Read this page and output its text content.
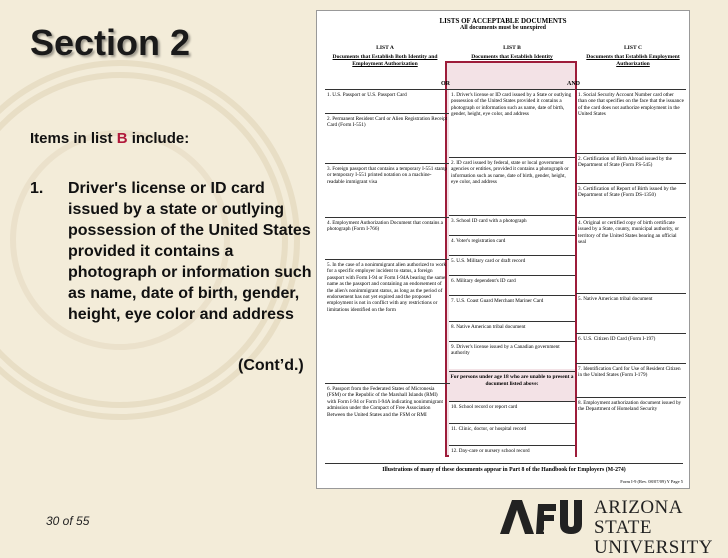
Section 2
Items in list B include:
1. Driver's license or ID card issued by a state or outlying possession of the United States provided it contains a photograph or information such as name, date of birth, gender, height, eye color and address
(Cont’d.)
LISTS OF ACCEPTABLE DOCUMENTS
All documents must be unexpired
LIST A
Documents that Establish Both Identity and Employment Authorization
LIST B
Documents that Establish Identity
LIST C
Documents that Establish Employment Authorization
OR	AND
1. U.S. Passport or U.S. Passport Card
2. Permanent Resident Card or Alien Registration Receipt Card (Form I-551)
3. Foreign passport that contains a temporary I-551 stamp or temporary I-551 printed notation on a machine-readable immigrant visa
4. Employment Authorization Document that contains a photograph (Form I-766)
5. In the case of a nonimmigrant alien authorized to work for a specific employer incident to status, a foreign passport with Form I-94 or Form I-94A bearing the same name as the passport and containing an endorsement of the alien's nonimmigrant status, as long as the period of endorsement has not yet expired and the proposed employment is not in conflict with any restrictions or limitations identified on the form
6. Passport from the Federated States of Micronesia (FSM) or the Republic of the Marshall Islands (RMI) with Form I-94 or Form I-94A indicating nonimmigrant admission under the Compact of Free Association Between the United States and the FSM or RMI
1. Driver's license or ID card issued by a State or outlying possession of the United States provided it contains a photograph or information such as name, date of birth, gender, height, eye color, and address
2. ID card issued by federal, state or local government agencies or entities, provided it contains a photograph or information such as name, date of birth, gender, height, eye color, and address
3. School ID card with a photograph
4. Voter's registration card
5. U.S. Military card or draft record
6. Military dependent's ID card
7. U.S. Coast Guard Merchant Mariner Card
8. Native American tribal document
9. Driver's license issued by a Canadian government authority
For persons under age 18 who are unable to present a document listed above:
10. School record or report card
11. Clinic, doctor, or hospital record
12. Day-care or nursery school record
1. Social Security Account Number card other than one that specifies on the face that the issuance of the card does not authorize employment in the United States
2. Certification of Birth Abroad issued by the Department of State (Form FS-545)
3. Certification of Report of Birth issued by the Department of State (Form DS-1350)
4. Original or certified copy of birth certificate issued by a State, county, municipal authority, or territory of the United States bearing an official seal
5. Native American tribal document
6. U.S. Citizen ID Card (Form I-197)
7. Identification Card for Use of Resident Citizen in the United States (Form I-179)
8. Employment authorization document issued by the Department of Homeland Security
Illustrations of many of these documents appear in Part 8 of the Handbook for Employers (M-274)
Form I-9 (Rev. 08/07/09) Y Page 5
30 of 55
ASU
ARIZONA STATE
UNIVERSITY
